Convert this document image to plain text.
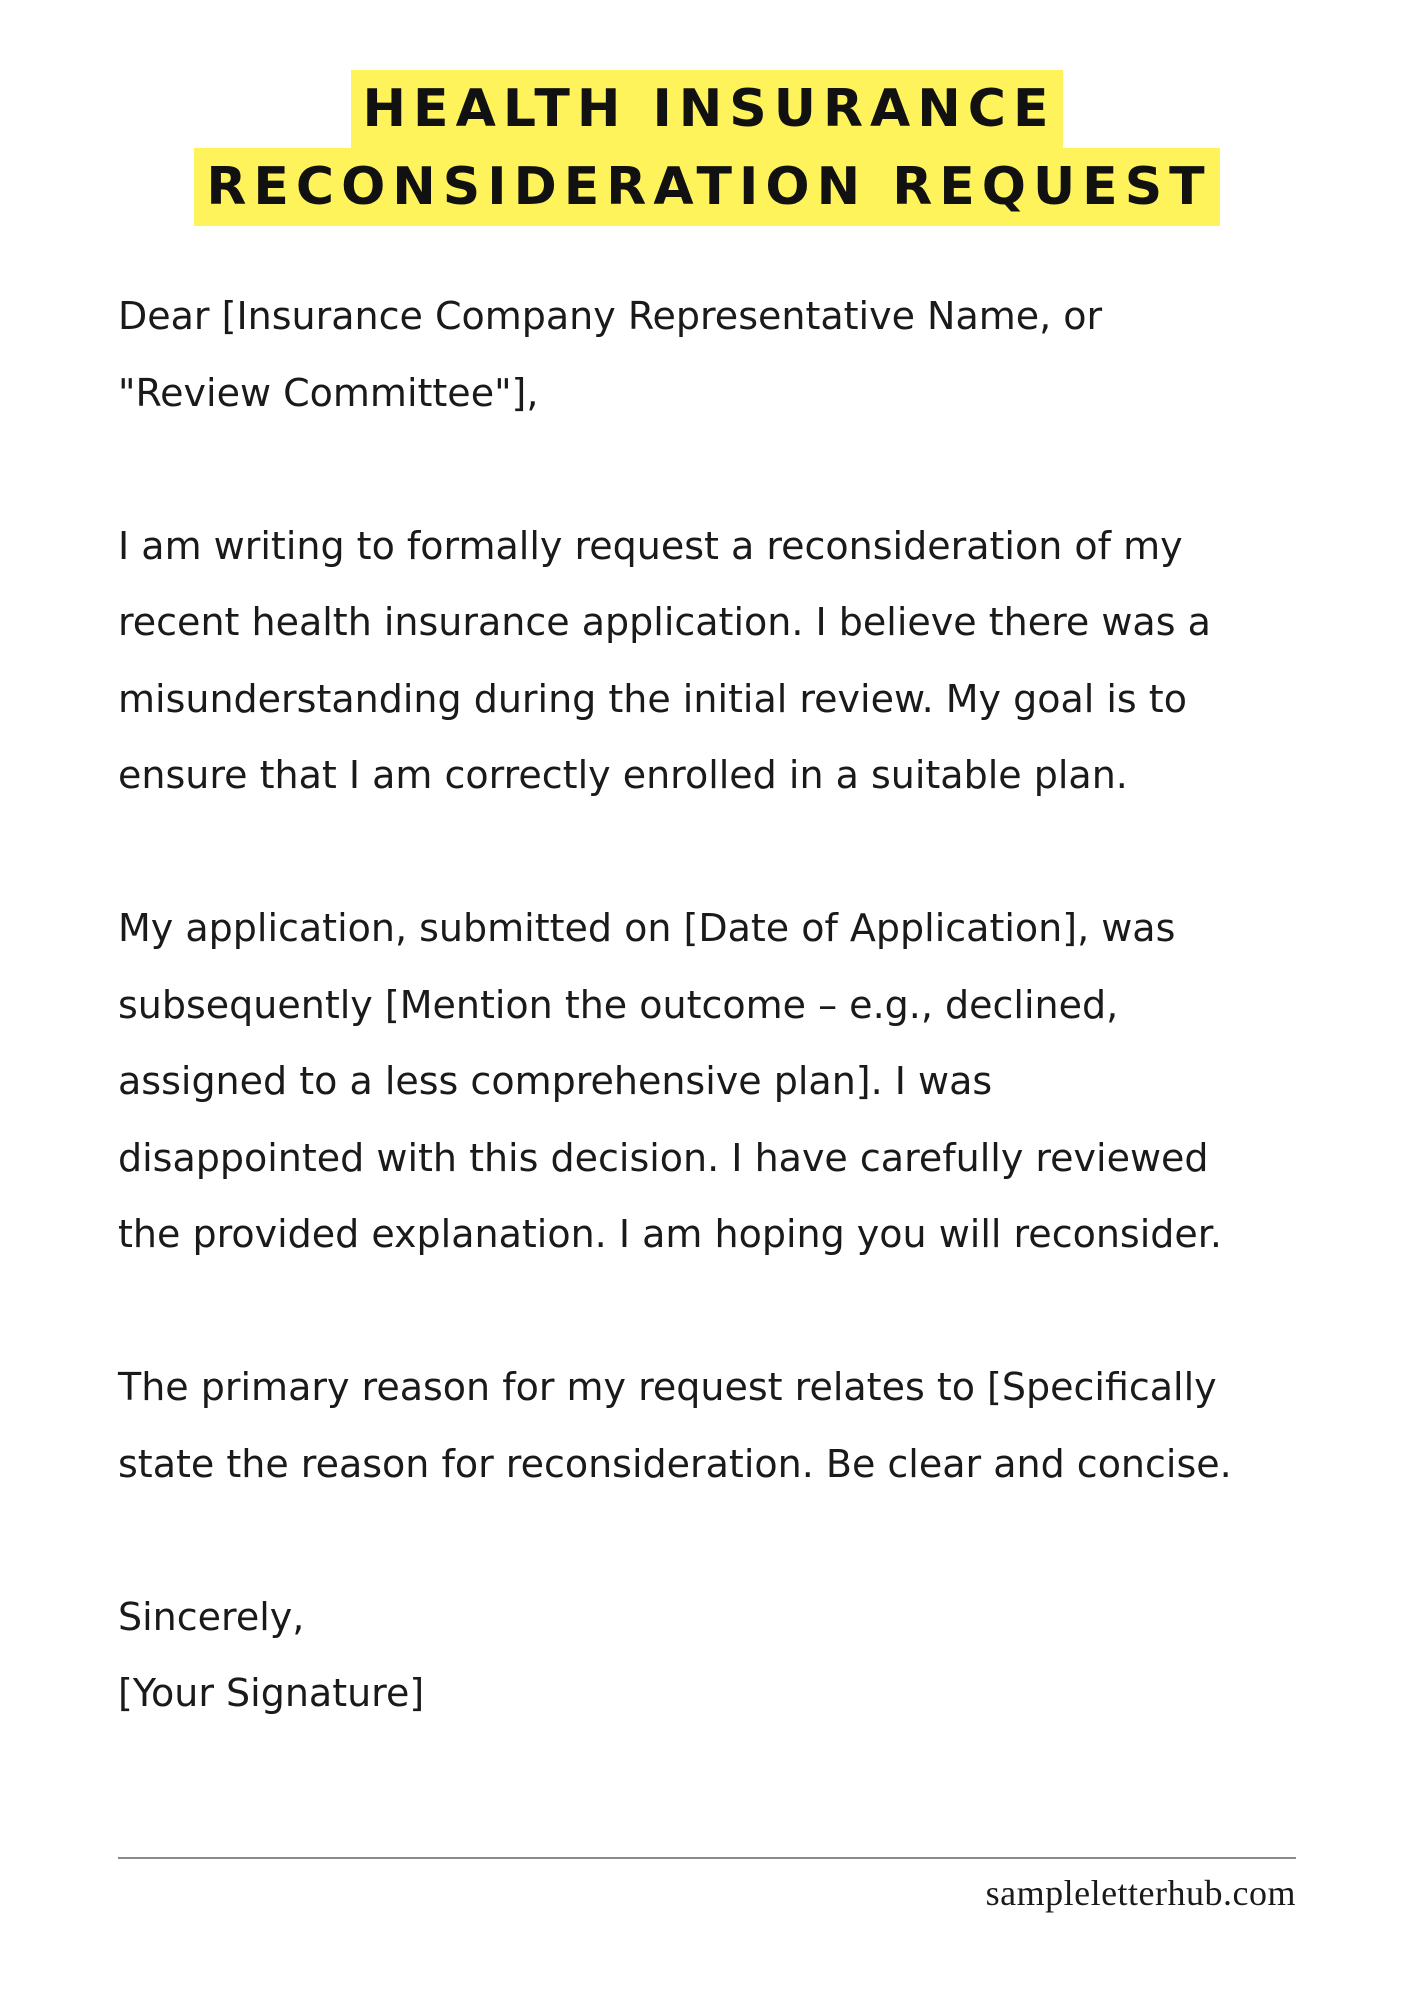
HEALTH INSURANCE
RECONSIDERATION REQUEST

Dear [Insurance Company Representative Name, or
"Review Committee"],

I am writing to formally request a reconsideration of my
recent health insurance application. I believe there was a
misunderstanding during the initial review. My goal is to
ensure that I am correctly enrolled in a suitable plan.

My application, submitted on [Date of Application], was
subsequently [Mention the outcome – e.g., declined,
assigned to a less comprehensive plan]. I was
disappointed with this decision. I have carefully reviewed
the provided explanation. I am hoping you will reconsider.

The primary reason for my request relates to [Specifically
state the reason for reconsideration. Be clear and concise.

Sincerely,
[Your Signature]

sampleletterhub.com
